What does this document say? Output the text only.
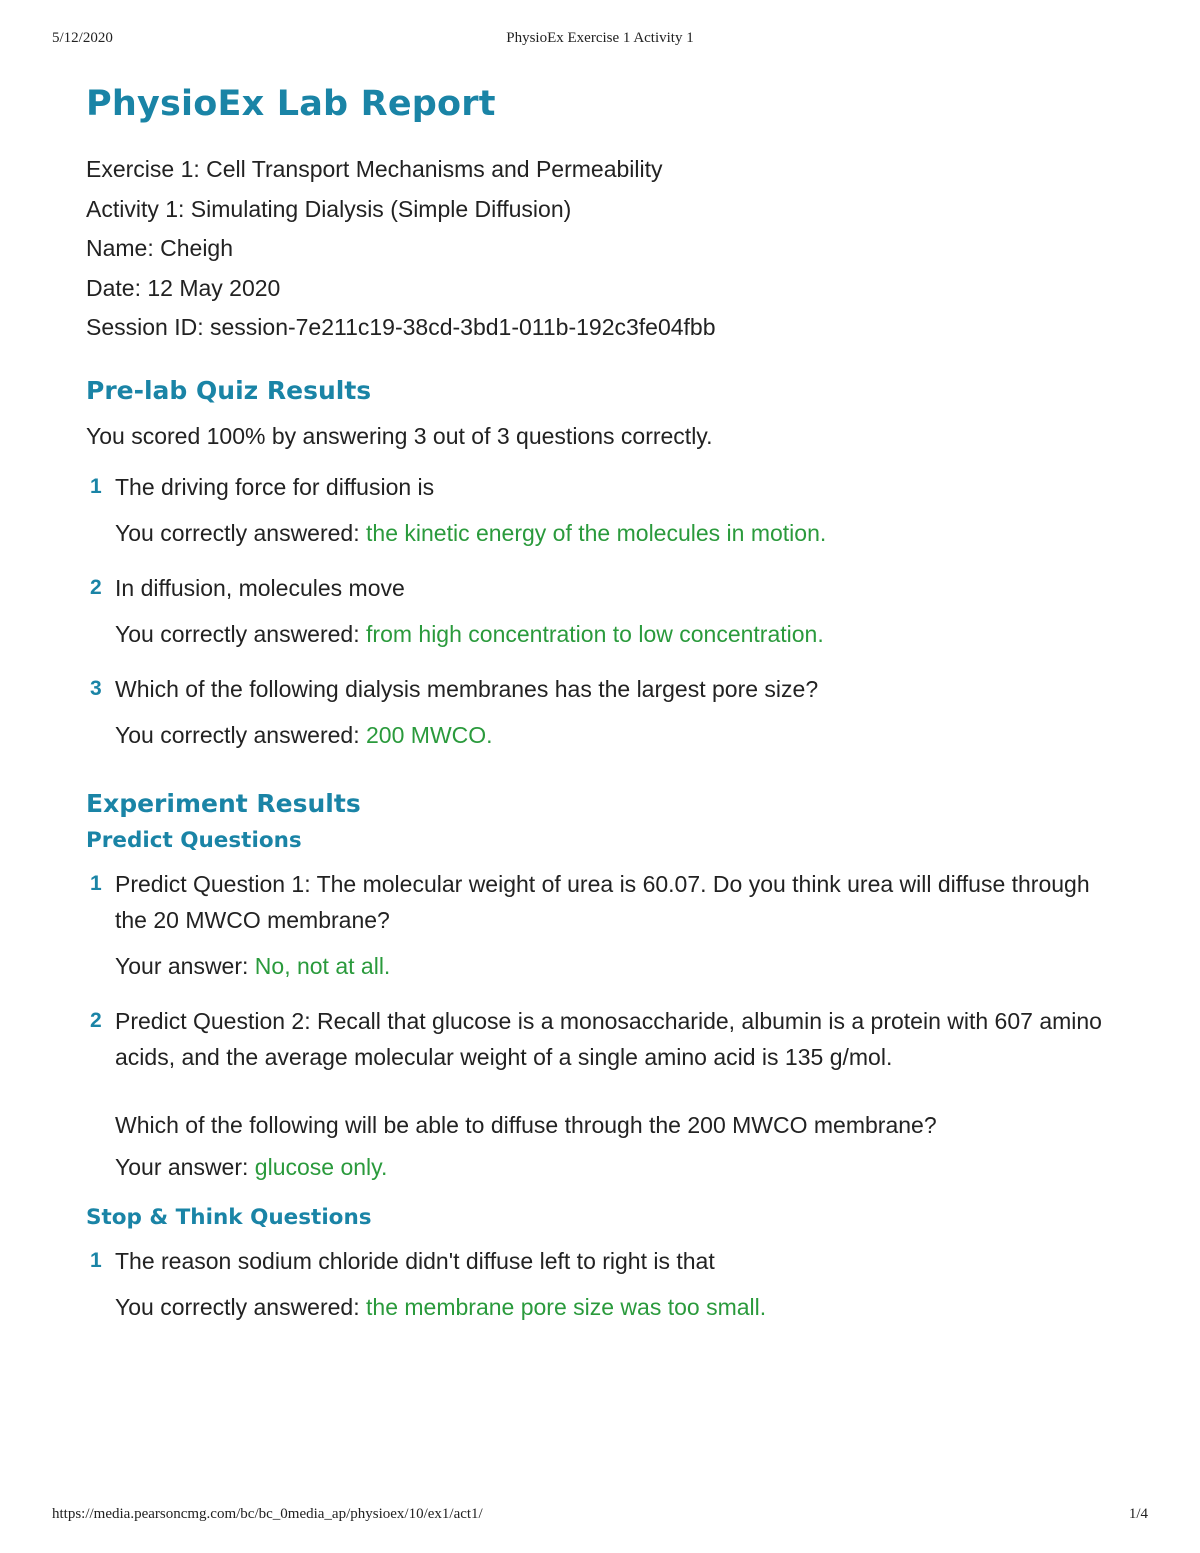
5/12/2020	PhysioEx Exercise 1 Activity 1
PhysioEx Lab Report
Exercise 1: Cell Transport Mechanisms and Permeability
Activity 1: Simulating Dialysis (Simple Diffusion)
Name: Cheigh
Date: 12 May 2020
Session ID: session-7e211c19-38cd-3bd1-011b-192c3fe04fbb
Pre-lab Quiz Results
You scored 100% by answering 3 out of 3 questions correctly.
1 The driving force for diffusion is
You correctly answered: the kinetic energy of the molecules in motion.
2 In diffusion, molecules move
You correctly answered: from high concentration to low concentration.
3 Which of the following dialysis membranes has the largest pore size?
You correctly answered: 200 MWCO.
Experiment Results
Predict Questions
1 Predict Question 1: The molecular weight of urea is 60.07. Do you think urea will diffuse through the 20 MWCO membrane?
Your answer: No, not at all.
2 Predict Question 2: Recall that glucose is a monosaccharide, albumin is a protein with 607 amino acids, and the average molecular weight of a single amino acid is 135 g/mol.
Which of the following will be able to diffuse through the 200 MWCO membrane?
Your answer: glucose only.
Stop & Think Questions
1 The reason sodium chloride didn't diffuse left to right is that
You correctly answered: the membrane pore size was too small.
https://media.pearsoncmg.com/bc/bc_0media_ap/physioex/10/ex1/act1/	1/4
